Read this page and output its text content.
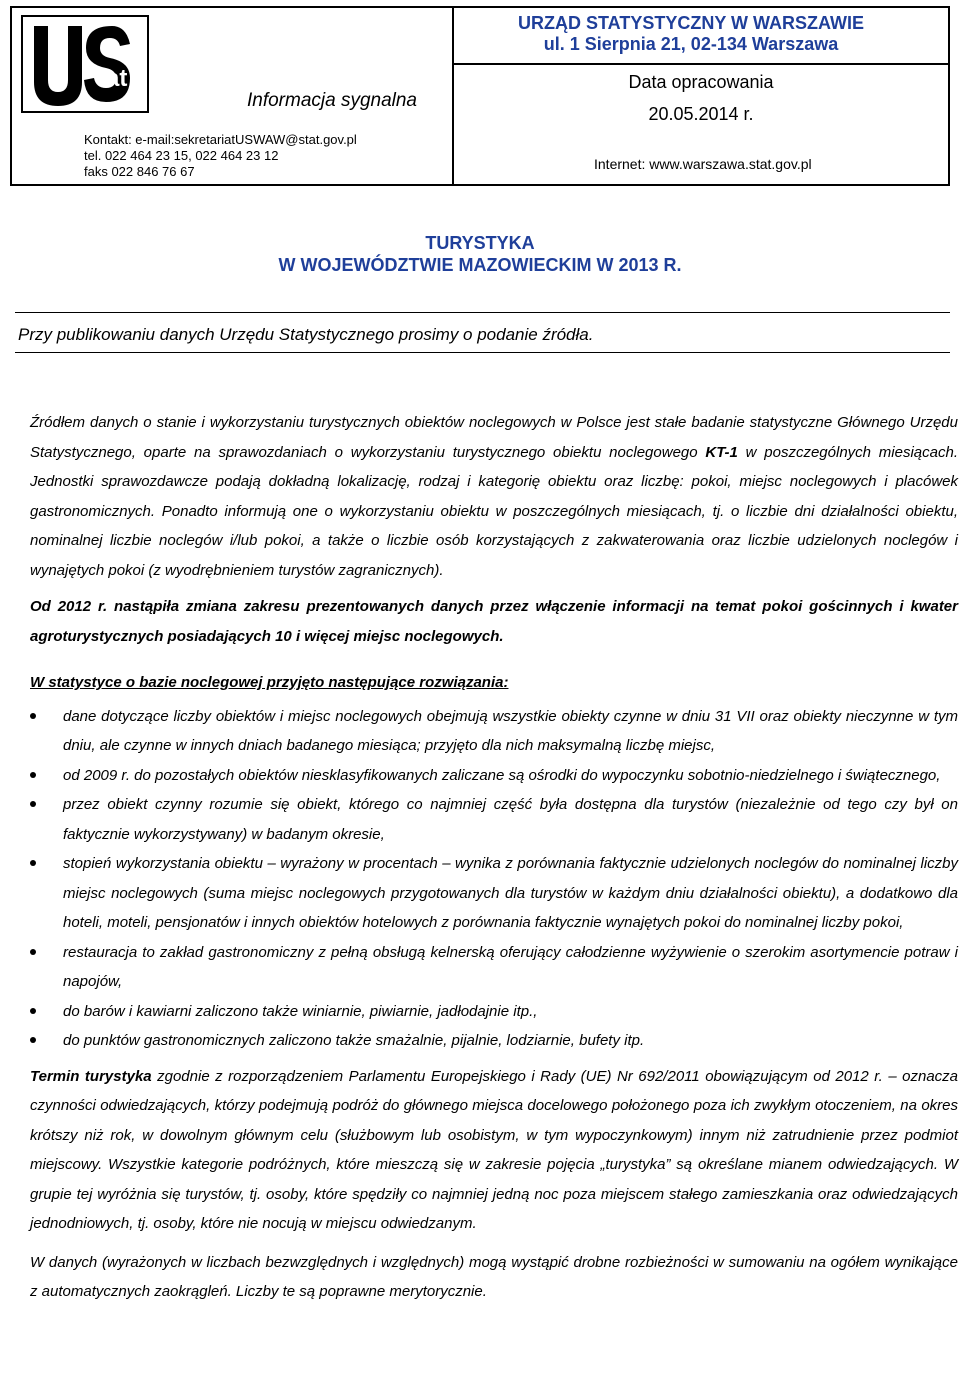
tat
Informacja sygnalna
Kontakt: e-mail:sekretariatUSWAW@stat.gov.pl
tel. 022 464 23 15, 022 464 23 12
faks 022 846 76 67
URZĄD STATYSTYCZNY W WARSZAWIE
ul. 1 Sierpnia 21, 02-134 Warszawa
Data opracowania
20.05.2014 r.
Internet: www.warszawa.stat.gov.pl
TURYSTYKA
W WOJEWÓDZTWIE MAZOWIECKIM W 2013 R.
Przy publikowaniu danych Urzędu Statystycznego prosimy o podanie źródła.

Źródłem danych o stanie i wykorzystaniu turystycznych obiektów noclegowych w Polsce jest stałe badanie statystyczne Głównego Urzędu Statystycznego, oparte na sprawozdaniach o wykorzystaniu turystycznego obiektu noclegowego KT-1 w poszczególnych miesiącach. Jednostki sprawozdawcze podają dokładną lokalizację, rodzaj i kategorię obiektu oraz liczbę: pokoi, miejsc noclegowych i placówek gastronomicznych. Ponadto informują one o wykorzystaniu obiektu w poszczególnych miesiącach, tj. o liczbie dni działalności obiektu, nominalnej liczbie noclegów i/lub pokoi, a także o liczbie osób korzystających z zakwaterowania oraz liczbie udzielonych noclegów i wynajętych pokoi (z wyodrębnieniem turystów zagranicznych).

Od 2012 r. nastąpiła zmiana zakresu prezentowanych danych przez włączenie informacji na temat pokoi gościnnych i kwater agroturystycznych posiadających 10 i więcej miejsc noclegowych.

W statystyce o bazie noclegowej przyjęto następujące rozwiązania:

dane dotyczące liczby obiektów i miejsc noclegowych obejmują wszystkie obiekty czynne w dniu 31 VII oraz obiekty nieczynne w tym dniu, ale czynne w innych dniach badanego miesiąca; przyjęto dla nich maksymalną liczbę miejsc,
od 2009 r. do pozostałych obiektów niesklasyfikowanych zaliczane są ośrodki do wypoczynku sobotnio-niedzielnego i świątecznego,
przez obiekt czynny rozumie się obiekt, którego co najmniej część była dostępna dla turystów (niezależnie od tego czy był on faktycznie wykorzystywany) w badanym okresie,
stopień wykorzystania obiektu – wyrażony w procentach – wynika z porównania faktycznie udzielonych noclegów do nominalnej liczby miejsc noclegowych (suma miejsc noclegowych przygotowanych dla turystów w każdym dniu działalności obiektu), a dodatkowo dla hoteli, moteli, pensjonatów i innych obiektów hotelowych z porównania faktycznie wynajętych pokoi do nominalnej liczby pokoi,
restauracja to zakład gastronomiczny z pełną obsługą kelnerską oferujący całodzienne wyżywienie o szerokim asortymencie potraw i napojów,
do barów i kawiarni zaliczono także winiarnie, piwiarnie, jadłodajnie itp.,
do punktów gastronomicznych zaliczono także smażalnie, pijalnie, lodziarnie, bufety itp.

Termin turystyka zgodnie z rozporządzeniem Parlamentu Europejskiego i Rady (UE) Nr 692/2011 obowiązującym od 2012 r. – oznacza czynności odwiedzających, którzy podejmują podróż do głównego miejsca docelowego położonego poza ich zwykłym otoczeniem, na okres krótszy niż rok, w dowolnym głównym celu (służbowym lub osobistym, w tym wypoczynkowym) innym niż zatrudnienie przez podmiot miejscowy. Wszystkie kategorie podróżnych, które mieszczą się w zakresie pojęcia „turystyka” są określane mianem odwiedzających. W grupie tej wyróżnia się turystów, tj. osoby, które spędziły co najmniej jedną noc poza miejscem stałego zamieszkania oraz odwiedzających jednodniowych, tj. osoby, które nie nocują w miejscu odwiedzanym.

W danych (wyrażonych w liczbach bezwzględnych i względnych) mogą wystąpić drobne rozbieżności w sumowaniu na ogółem wynikające z automatycznych zaokrągleń. Liczby te są poprawne merytorycznie.
